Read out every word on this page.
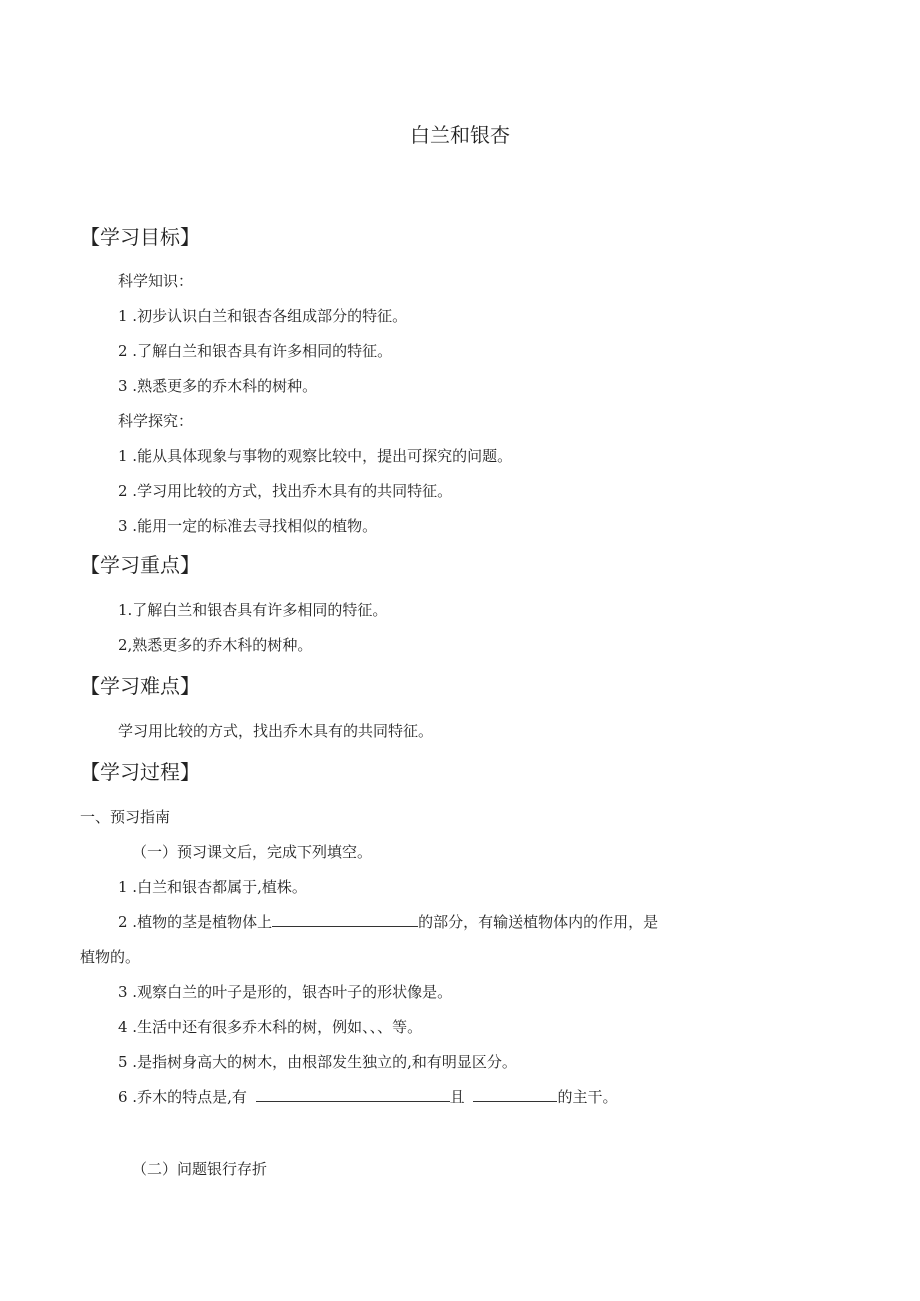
白兰和银杏
【学习目标】
科学知识：
1 .初步认识白兰和银杏各组成部分的特征。
2 .了解白兰和银杏具有许多相同的特征。
3 .熟悉更多的乔木科的树种。
科学探究：
1 .能从具体现象与事物的观察比较中，提出可探究的问题。
2 .学习用比较的方式，找出乔木具有的共同特征。
3 .能用一定的标准去寻找相似的植物。
【学习重点】
1.了解白兰和银杏具有许多相同的特征。
2,熟悉更多的乔木科的树种。
【学习难点】
学习用比较的方式，找出乔木具有的共同特征。
【学习过程】
一、预习指南
（一）预习课文后，完成下列填空。
1 .白兰和银杏都属于,植株。
2 .植物的茎是植物体上	的部分，有输送植物体内的作用，是
植物的。
3 .观察白兰的叶子是形的，银杏叶子的形状像是。
4 .生活中还有很多乔木科的树，例如、、、等。
5 .是指树身高大的树木，由根部发生独立的,和有明显区分。
6 .乔木的特点是,有	且	的主干。
（二）问题银行存折
